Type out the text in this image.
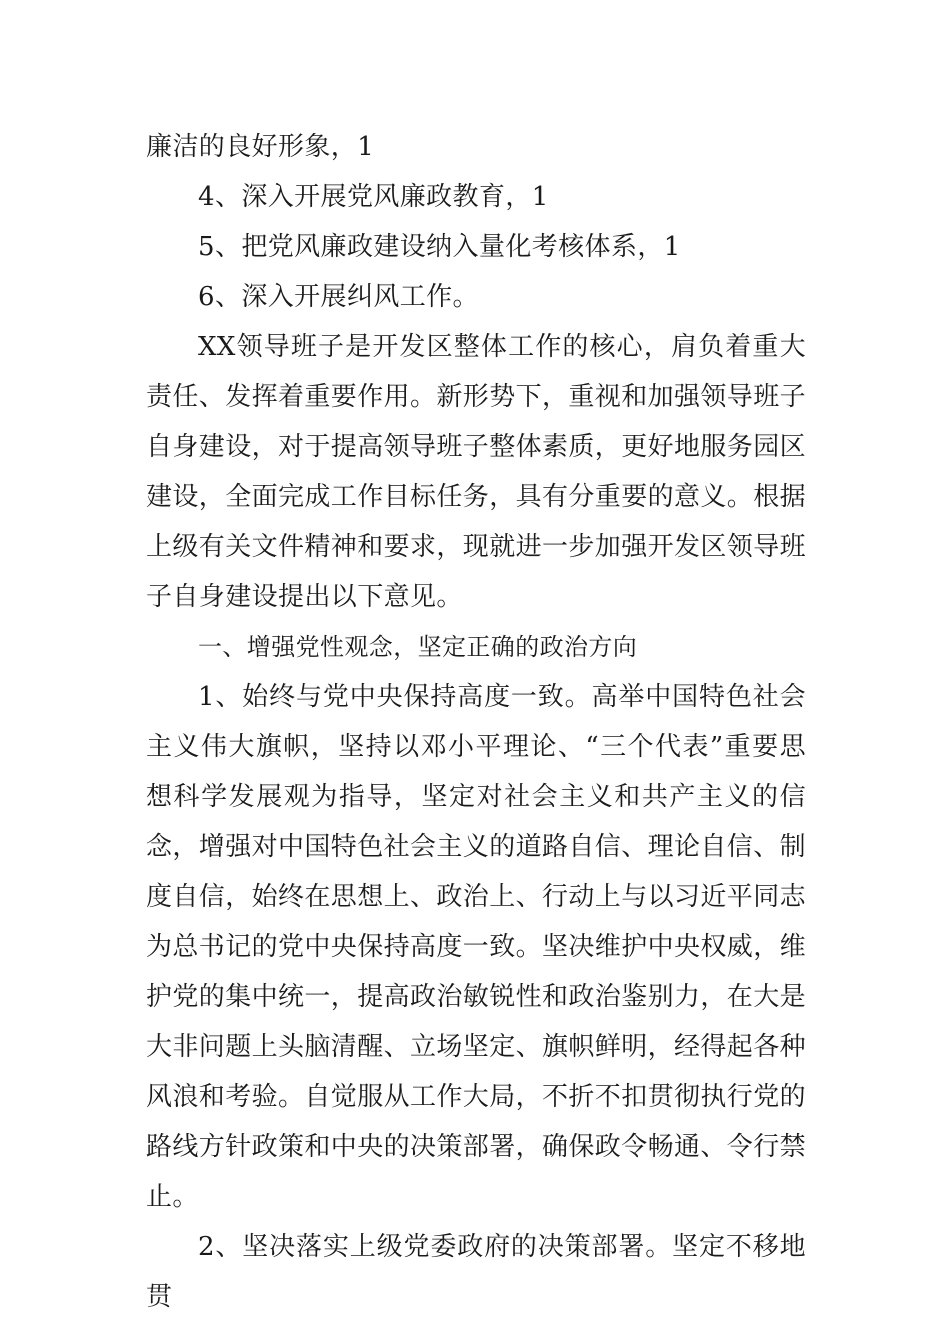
廉洁的良好形象，1

4、深入开展党风廉政教育，1

5、把党风廉政建设纳入量化考核体系，1

6、深入开展纠风工作。

XX领导班子是开发区整体工作的核心，肩负着重大责任、发挥着重要作用。新形势下，重视和加强领导班子自身建设，对于提高领导班子整体素质，更好地服务园区建设，全面完成工作目标任务，具有分重要的意义。根据上级有关文件精神和要求，现就进一步加强开发区领导班子自身建设提出以下意见。

一、增强党性观念，坚定正确的政治方向

1、始终与党中央保持高度一致。高举中国特色社会主义伟大旗帜，坚持以邓小平理论、“三个代表”重要思想科学发展观为指导，坚定对社会主义和共产主义的信念，增强对中国特色社会主义的道路自信、理论自信、制度自信，始终在思想上、政治上、行动上与以习近平同志为总书记的党中央保持高度一致。坚决维护中央权威，维护党的集中统一，提高政治敏锐性和政治鉴别力，在大是大非问题上头脑清醒、立场坚定、旗帜鲜明，经得起各种风浪和考验。自觉服从工作大局，不折不扣贯彻执行党的路线方针政策和中央的决策部署，确保政令畅通、令行禁止。

2、坚决落实上级党委政府的决策部署。坚定不移地贯
